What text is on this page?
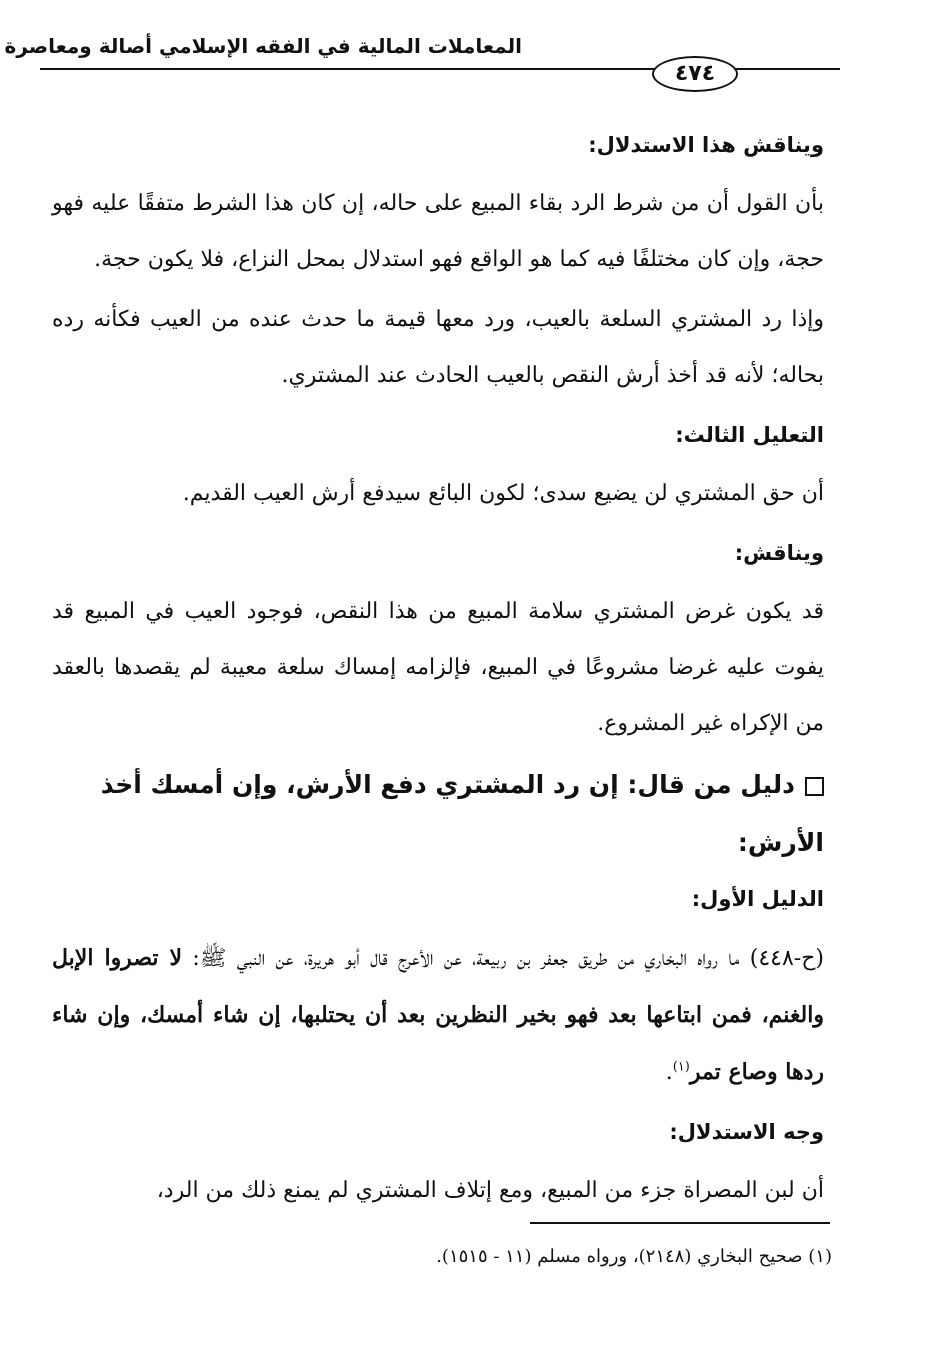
المعاملات المالية في الفقه الإسلامي أصالة ومعاصرة
٤٧٤
ويناقش هذا الاستدلال:
بأن القول أن من شرط الرد بقاء المبيع على حاله، إن كان هذا الشرط متفقًا عليه فهو حجة، وإن كان مختلفًا فيه كما هو الواقع فهو استدلال بمحل النزاع، فلا يكون حجة.
وإذا رد المشتري السلعة بالعيب، ورد معها قيمة ما حدث عنده من العيب فكأنه رده بحاله؛ لأنه قد أخذ أرش النقص بالعيب الحادث عند المشتري.
التعليل الثالث:
أن حق المشتري لن يضيع سدى؛ لكون البائع سيدفع أرش العيب القديم.
ويناقش:
قد يكون غرض المشتري سلامة المبيع من هذا النقص، فوجود العيب في المبيع قد يفوت عليه غرضا مشروعًا في المبيع، فإلزامه إمساك سلعة معيبة لم يقصدها بالعقد من الإكراه غير المشروع.
دليل من قال: إن رد المشتري دفع الأرش، وإن أمسك أخذ الأرش:
الدليل الأول:
(ح-٤٤٨) ما رواه البخاري من طريق جعفر بن ربيعة، عن الأعرج قال أبو هريرة، عن النبي ﷺ: لا تصروا الإبل والغنم، فمن ابتاعها بعد فهو بخير النظرين بعد أن يحتلبها، إن شاء أمسك، وإن شاء ردها وصاع تمر$^{(١)}$.
وجه الاستدلال:
أن لبن المصراة جزء من المبيع، ومع إتلاف المشتري لم يمنع ذلك من الرد،
(١) صحيح البخاري (٢١٤٨)، ورواه مسلم (١١ - ١٥١٥).
